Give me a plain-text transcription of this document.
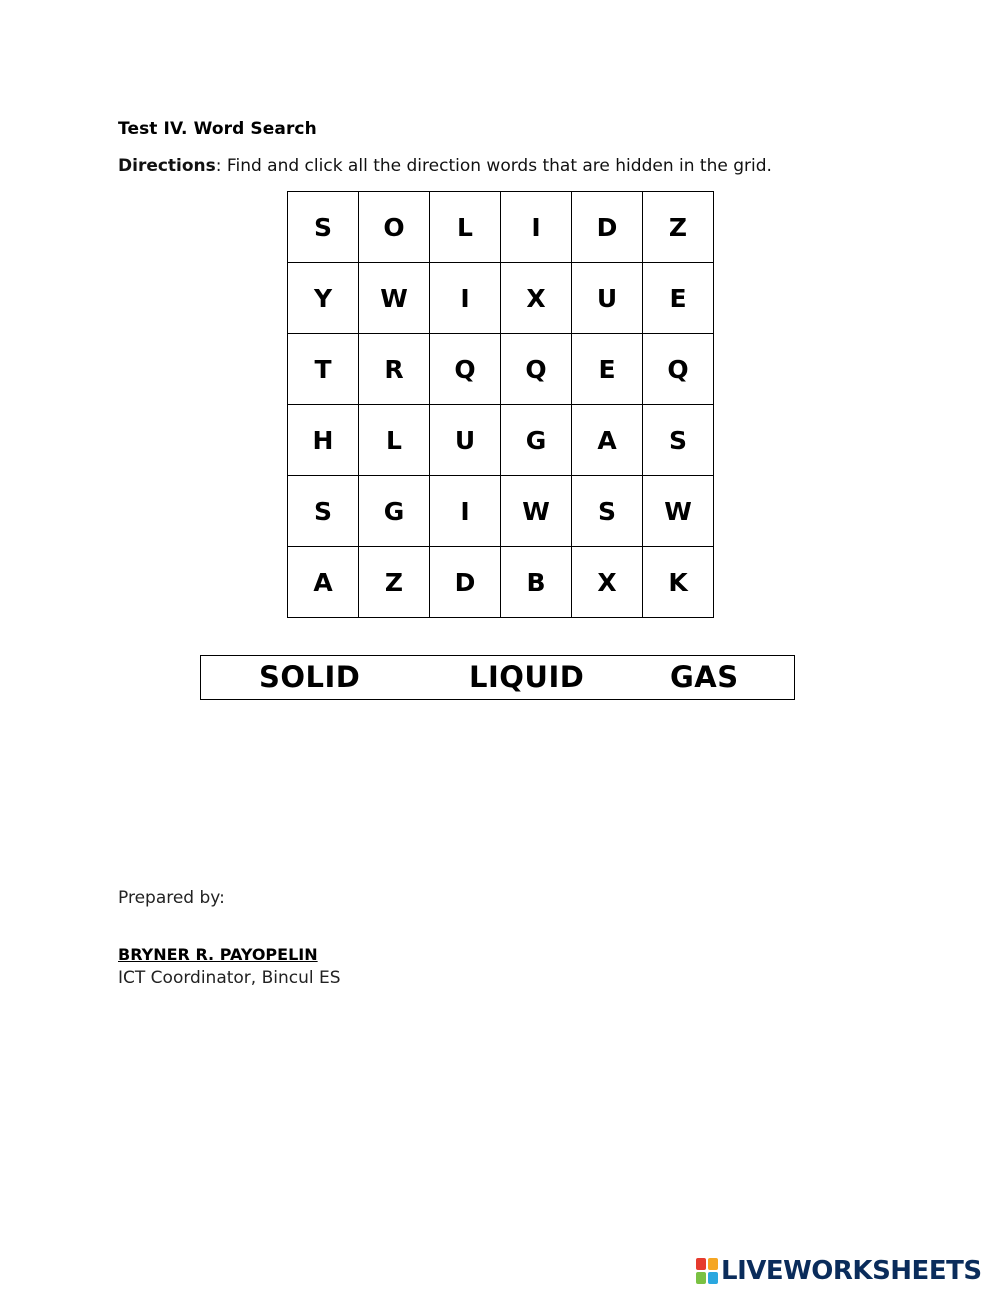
Test IV. Word Search
Directions: Find and click all the direction words that are hidden in the grid.
S	O	L	I	D	Z
Y	W	I	X	U	E
T	R	Q	Q	E	Q
H	L	U	G	A	S
S	G	I	W	S	W
A	Z	D	B	X	K
SOLID	LIQUID	GAS
Prepared by:
BRYNER R. PAYOPELIN
ICT Coordinator, Bincul ES
LIVEWORKSHEETS
